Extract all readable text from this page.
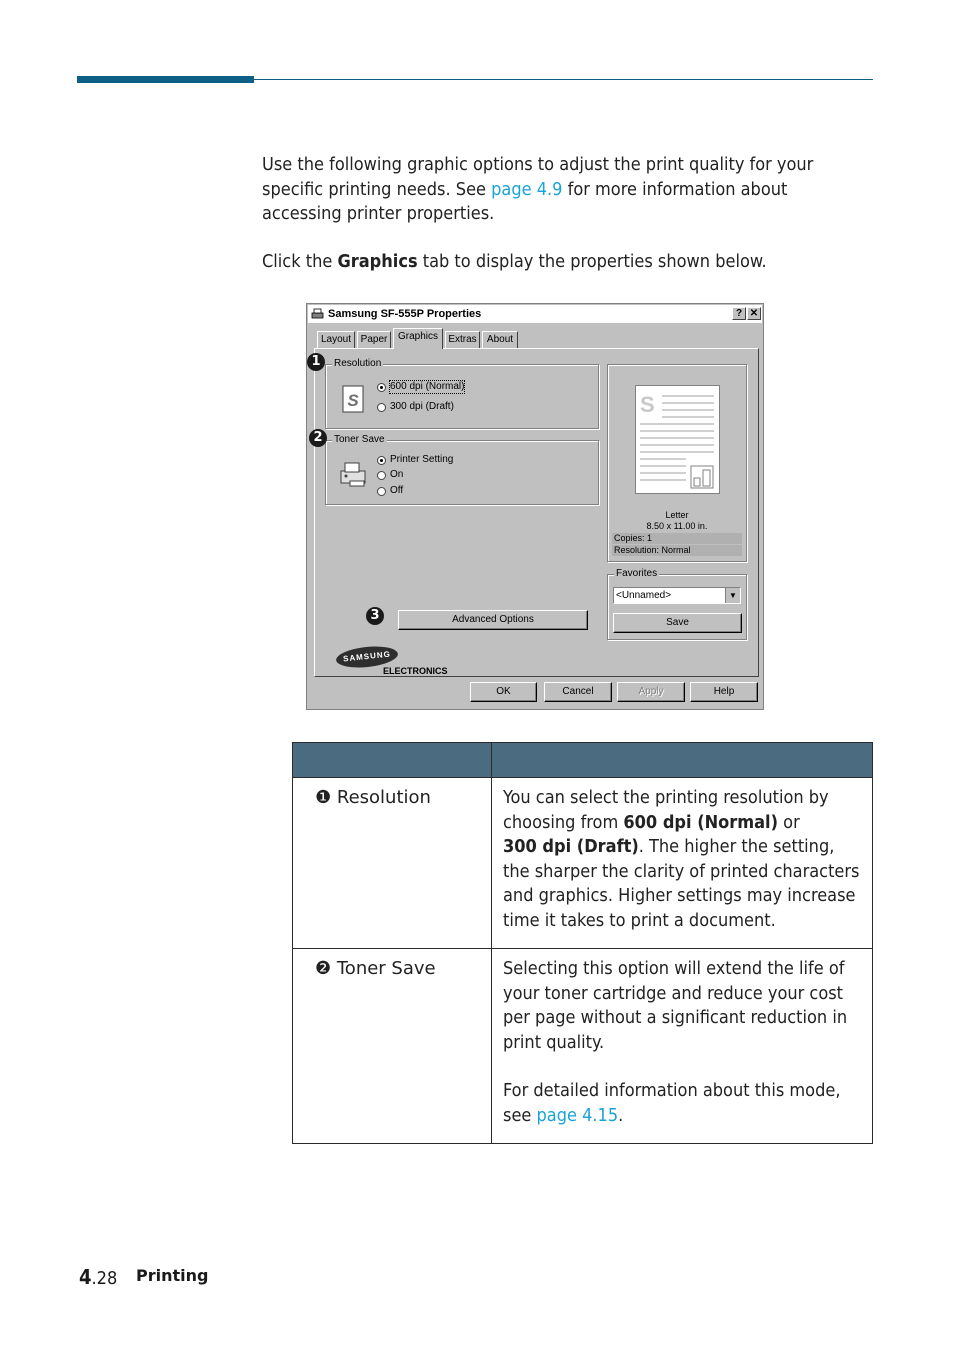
Use the following graphic options to adjust the print quality for your specific printing needs. See page 4.9 for more information about accessing printer properties.
Click the Graphics tab to display the properties shown below.
Samsung SF-555P Properties	? ✕
Layout Paper	Graphics	Extras	About
Resolution
S
600 dpi (Normal)
300 dpi (Draft)
Toner Save
Printer Setting
On
Off
S
Letter
8.50 x 11.00 in.
Copies: 1
Resolution: Normal
Favorites
<Unnamed>	▼
Save
Advanced Options
SAMSUNG
ELECTRONICS
1
2
3
OK	Cancel	Apply	Help

❶ Resolution	You can select the printing resolution by choosing from 600 dpi (Normal) or
300 dpi (Draft). The higher the setting, the sharper the clarity of printed characters and graphics. Higher settings may increase time it takes to print a document.
❷ Toner Save	Selecting this option will extend the life of your toner cartridge and reduce your cost per page without a significant reduction in print quality.
For detailed information about this mode, see page 4.15.
4.28 Printing
